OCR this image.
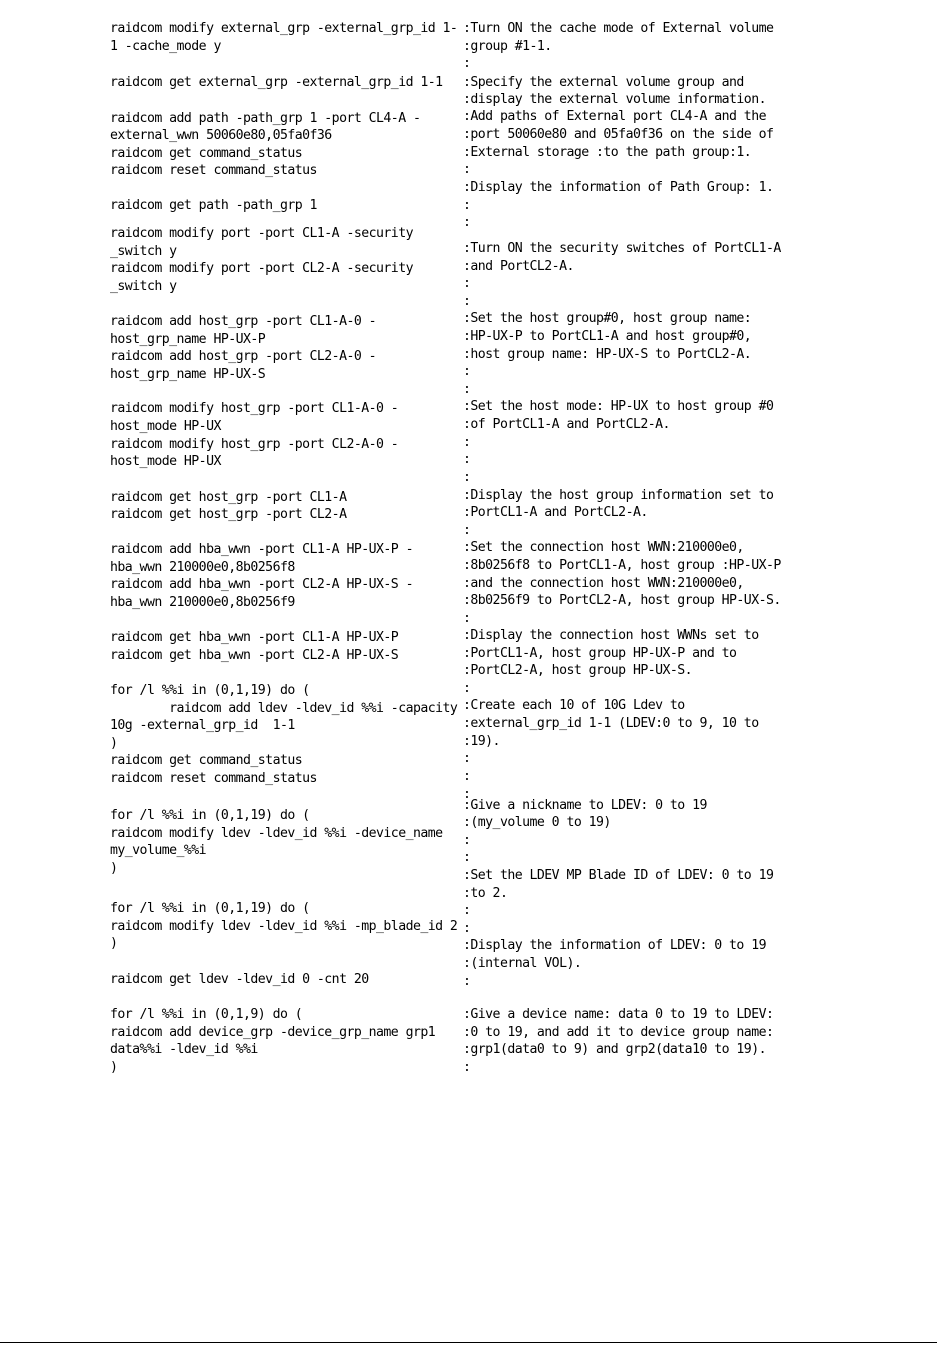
raidcom modify external_grp -external_grp_id 1-
1 -cache_mode y
raidcom get external_grp -external_grp_id 1-1
raidcom add path -path_grp 1 -port CL4-A -
external_wwn 50060e80,05fa0f36
raidcom get command_status
raidcom reset command_status
raidcom get path -path_grp 1
raidcom modify port -port CL1-A -security
_switch y
raidcom modify port -port CL2-A -security
_switch y
raidcom add host_grp -port CL1-A-0 -
host_grp_name HP-UX-P
raidcom add host_grp -port CL2-A-0 -
host_grp_name HP-UX-S
raidcom modify host_grp -port CL1-A-0 -
host_mode HP-UX
raidcom modify host_grp -port CL2-A-0 -
host_mode HP-UX
raidcom get host_grp -port CL1-A
raidcom get host_grp -port CL2-A
raidcom add hba_wwn -port CL1-A HP-UX-P -
hba_wwn 210000e0,8b0256f8
raidcom add hba_wwn -port CL2-A HP-UX-S -
hba_wwn 210000e0,8b0256f9
raidcom get hba_wwn -port CL1-A HP-UX-P
raidcom get hba_wwn -port CL2-A HP-UX-S
for /l %%i in (0,1,19) do (
raidcom add ldev -ldev_id %%i -capacity
10g -external_grp_id  1-1
)
raidcom get command_status
raidcom reset command_status
for /l %%i in (0,1,19) do (
raidcom modify ldev -ldev_id %%i -device_name
my_volume_%%i
)
for /l %%i in (0,1,19) do (
raidcom modify ldev -ldev_id %%i -mp_blade_id 2
)
raidcom get ldev -ldev_id 0 -cnt 20
for /l %%i in (0,1,9) do (
raidcom add device_grp -device_grp_name grp1
data%%i -ldev_id %%i
)
:Turn ON the cache mode of External volume
:group #1-1.
:
:Specify the external volume group and
:display the external volume information.
:Add paths of External port CL4-A and the
:port 50060e80 and 05fa0f36 on the side of
:External storage :to the path group:1.
:
:Display the information of Path Group: 1.
:
:
:Turn ON the security switches of PortCL1-A
:and PortCL2-A.
:
:
:Set the host group#0, host group name:
:HP-UX-P to PortCL1-A and host group#0,
:host group name: HP-UX-S to PortCL2-A.
:
:
:Set the host mode: HP-UX to host group #0
:of PortCL1-A and PortCL2-A.
:
:
:
:Display the host group information set to
:PortCL1-A and PortCL2-A.
:
:Set the connection host WWN:210000e0,
:8b0256f8 to PortCL1-A, host group :HP-UX-P
:and the connection host WWN:210000e0,
:8b0256f9 to PortCL2-A, host group HP-UX-S.
:
:Display the connection host WWNs set to
:PortCL1-A, host group HP-UX-P and to
:PortCL2-A, host group HP-UX-S.
:
:Create each 10 of 10G Ldev to
:external_grp_id 1-1 (LDEV:0 to 9, 10 to
:19).
:
:
:
:Give a nickname to LDEV: 0 to 19
:(my_volume 0 to 19)
:
:
:Set the LDEV MP Blade ID of LDEV: 0 to 19
:to 2.
:
:
:Display the information of LDEV: 0 to 19
:(internal VOL).
:
:Give a device name: data 0 to 19 to LDEV:
:0 to 19, and add it to device group name:
:grp1(data0 to 9) and grp2(data10 to 19).
:
